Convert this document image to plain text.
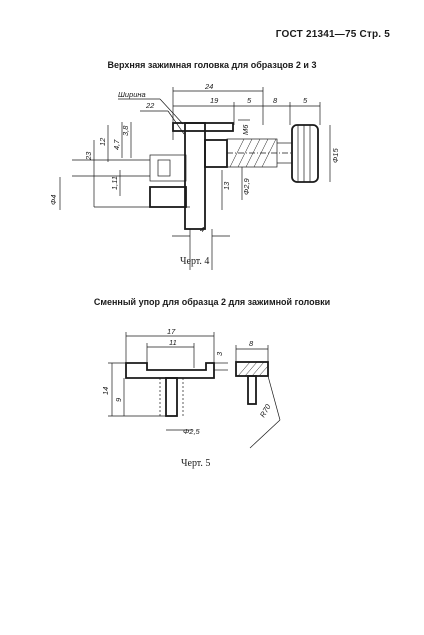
ГОСТ 21341—75 Стр. 5
Верхняя зажимная головка для образцов 2 и 3
24
Ширина
22
19	5	8	5
23
12 4,7
3,8
1,11
Φ4
4
Φ15
M6
Φ2,9
13
Черт. 4
Сменный упор для образца 2 для зажимной головки
17
11
3
Φ2,5
14
9
8
R70
Черт. 5
